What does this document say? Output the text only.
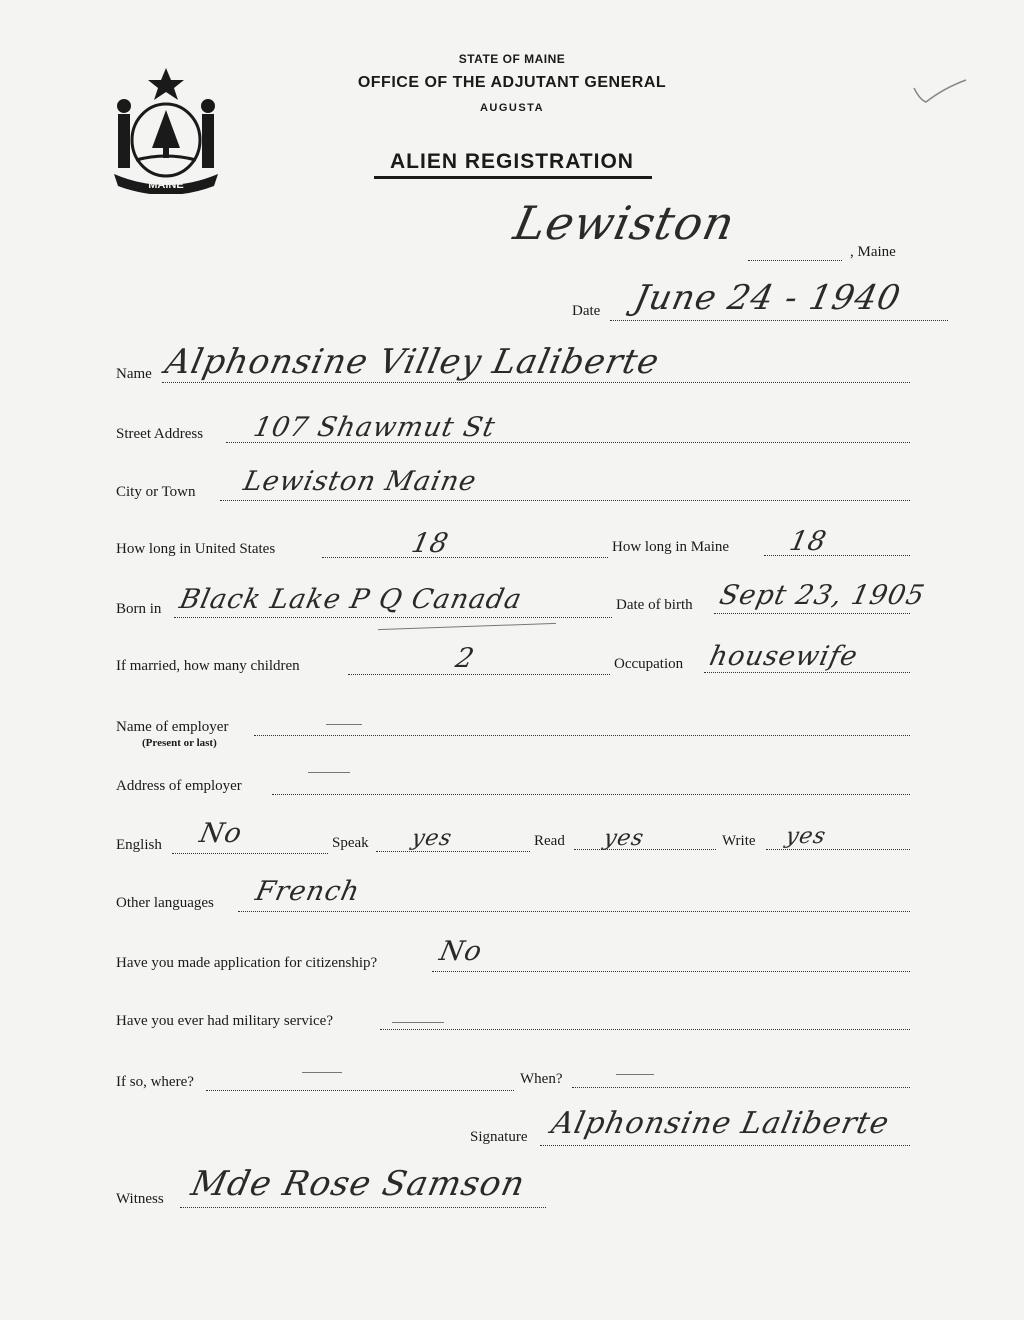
MAINE
STATE OF MAINE
OFFICE OF THE ADJUTANT GENERAL
AUGUSTA
ALIEN REGISTRATION
Lewiston
, Maine
Date June 24 - 1940
Name Alphonsine Villey Laliberte
Street Address 107 Shawmut St
City or Town Lewiston Maine
How long in United States	18	How long in Maine 18
Born in Black Lake P Q Canada	Date of birth Sept 23, 1905
If married, how many children	2	Occupation housewife
Name of employer
(Present or last)
Address of employer
English No	Speak yes	Read yes	Write yes
Other languages French
Have you made application for citizenship? No
Have you ever had military service?
If so, where?	When?
Signature Alphonsine Laliberte
Witness Mde Rose Samson
